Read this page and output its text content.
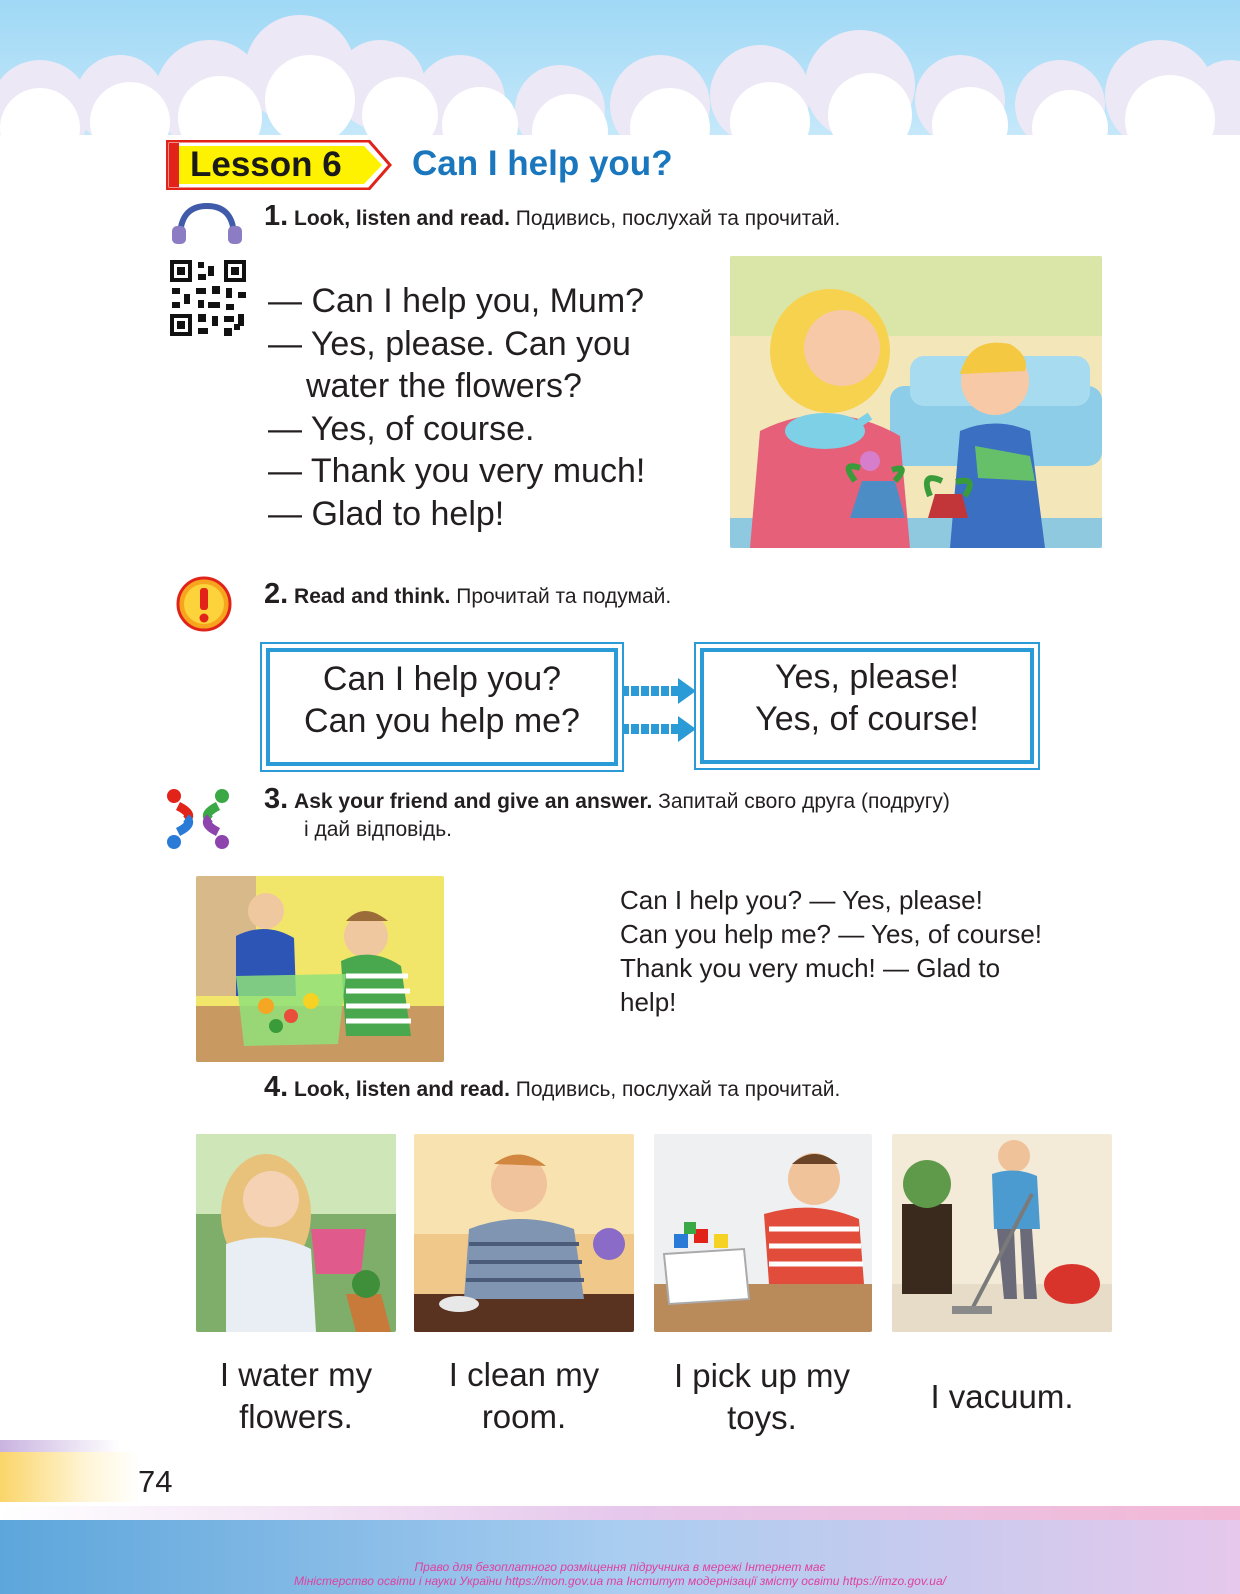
Lesson 6 Can I help you?
1. Look, listen and read. Подивись, послухай та прочитай.
— Can I help you, Mum?
— Yes, please. Can you
water the flowers?
— Yes, of course.
— Thank you very much!
— Glad to help!
2. Read and think. Прочитай та подумай.
Can I help you?
Can you help me?
Yes, please!
Yes, of course!
3. Ask your friend and give an answer. Запитай свого друга (подругу)
і дай відповідь.
Can I help you? — Yes, please!
Can you help me? — Yes, of course!
Thank you very much! — Glad to
help!
4. Look, listen and read. Подивись, послухай та прочитай.
I water my
flowers.
I clean my
room.
I pick up my
toys.
I vacuum.
74
Право для безоплатного розміщення підручника в мережі Інтернет має
Міністерство освіти і науки України https://mon.gov.ua та Інститут модернізації змісту освіти https://imzo.gov.ua/
